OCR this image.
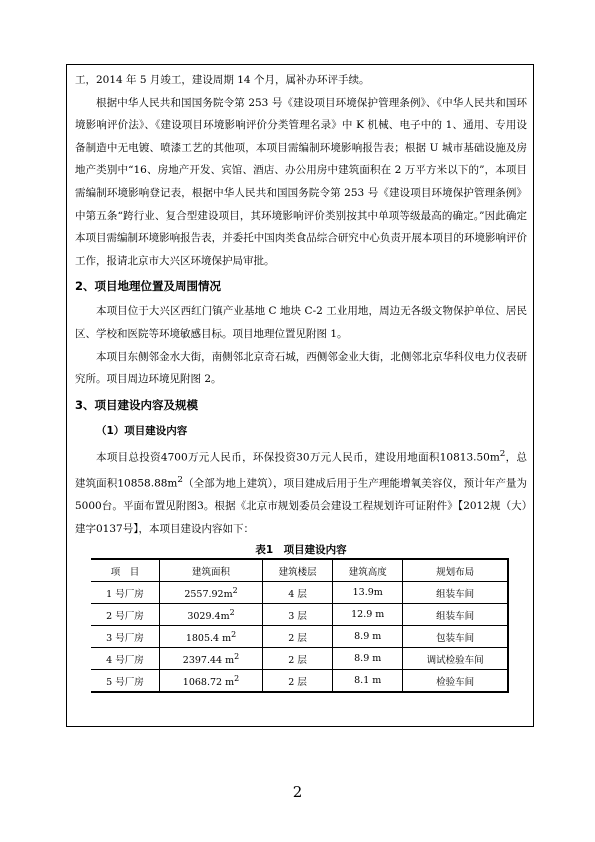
工，2014 年 5 月竣工，建设周期 14 个月，属补办环评手续。

根据中华人民共和国国务院令第 253 号《建设项目环境保护管理条例》、《中华人民共和国环境影响评价法》、《建设项目环境影响评价分类管理名录》中 K 机械、电子中的 1、通用、专用设备制造中无电镀、喷漆工艺的其他项，本项目需编制环境影响报告表；根据 U 城市基础设施及房地产类别中“16、房地产开发、宾馆、酒店、办公用房中建筑面积在 2 万平方米以下的”，本项目需编制环境影响登记表，根据中华人民共和国国务院令第 253 号《建设项目环境保护管理条例》中第五条“跨行业、复合型建设项目，其环境影响评价类别按其中单项等级最高的确定。”因此确定本项目需编制环境影响报告表，并委托中国肉类食品综合研究中心负责开展本项目的环境影响评价工作，报请北京市大兴区环境保护局审批。

2、项目地理位置及周围情况

本项目位于大兴区西红门镇产业基地 C 地块 C-2 工业用地，周边无各级文物保护单位、居民区、学校和医院等环境敏感目标。项目地理位置见附图 1。

本项目东侧邻金水大街，南侧邻北京奇石城，西侧邻金业大街，北侧邻北京华科仪电力仪表研究所。项目周边环境见附图 2。

3、项目建设内容及规模

（1）项目建设内容

本项目总投资4700万元人民币，环保投资30万元人民币，建设用地面积$10813.50m^2$，总建筑面积$10858.88m^2$（全部为地上建筑），项目建成后用于生产理能增氧美容仪，预计年产量为5000台。平面布置见附图3。根据《北京市规划委员会建设工程规划许可证附件》【2012规（大）建字0137号】，本项目建设内容如下：

表1　项目建设内容

项　目	建筑面积	建筑楼层	建筑高度	规划布局
1 号厂房	$2557.92m^2$	4 层	13.9m	组装车间
2 号厂房	$3029.4m^2$	3 层	12.9 m	组装车间
3 号厂房	1805.4 $m^2$	2 层	8.9 m	包装车间
4 号厂房	2397.44 $m^2$	2 层	8.9 m	调试检验车间
5 号厂房	1068.72 $m^2$	2 层	8.1 m	检验车间
2
